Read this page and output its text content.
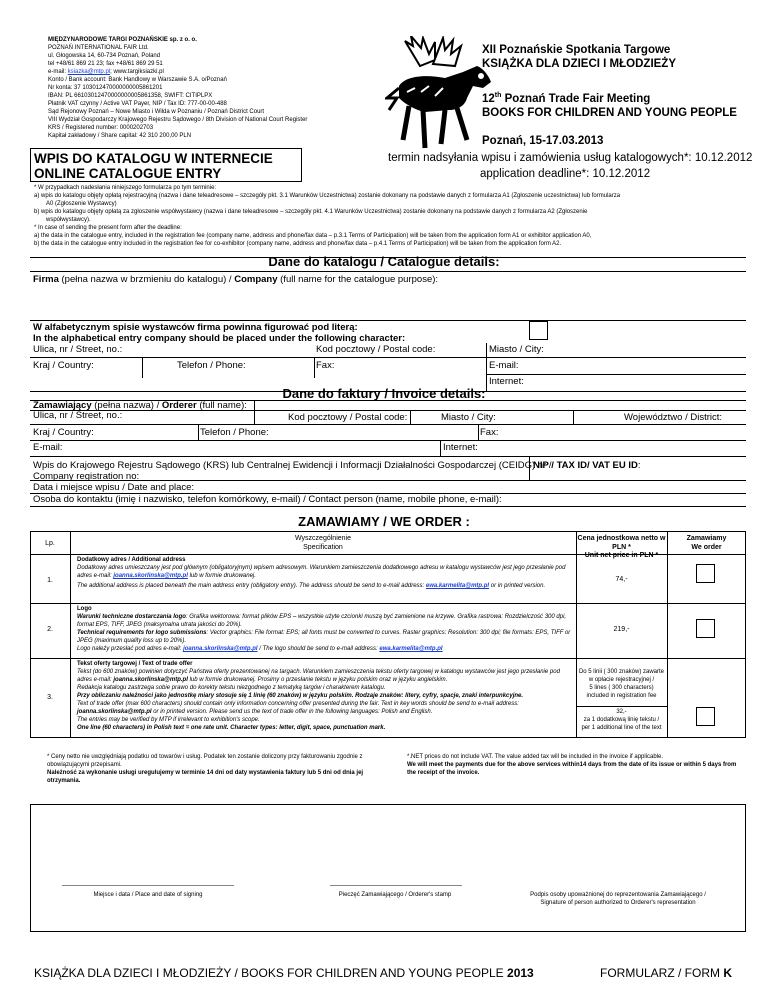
MIĘDZYNARODOWE TARGI POZNAŃSKIE sp. z o. o.
POZNAŃ INTERNATIONAL FAIR Ltd.
ul. Głogowska 14, 60-734 Poznań, Poland
tel +48/61 869 21 23; fax +48/61 869 29 51
e-mail: ksiazka@mtp.pl; www.targiksiazki.pl
Konto / Bank account: Bank Handlowy w Warszawie S.A. o/Poznań
Nr konta: 37 103012470000000005861201
IBAN: PL 66103012470000000005861358, SWIFT: CITIPLPX
Płatnik VAT czynny / Active VAT Payer, NIP / Tax ID: 777-00-00-488
Sąd Rejonowy Poznań – Nowe Miasto i Wilda w Poznaniu / Poznań District Court
VIII Wydział Gospodarczy Krajowego Rejestru Sądowego / 8th Division of National Court Register
KRS / Registered number: 0000202703
Kapitał zakładowy / Share capital: 42 310 200,00 PLN
XII Poznańskie Spotkania Targowe
KSIĄŻKA DLA DZIECI I MŁODZIEŻY
12th Poznań Trade Fair Meeting
BOOKS FOR CHILDREN AND YOUNG PEOPLE
Poznań, 15-17.03.2013
WPIS DO KATALOGU W INTERNECIE
ONLINE CATALOGUE ENTRY
termin nadsyłania wpisu i zamówienia usług katalogowych*: 10.12.2012
application deadline*: 10.12.2012
* W przypadkach nadesłania niniejszego formularza po tym terminie:
a) wpis do katalogu objęty opłatą rejestracyjną (nazwa i dane teleadresowe – szczegóły pkt. 3.1 Warunków Uczestnictwa) zostanie dokonany na podstawie danych z formularza A1 (Zgłoszenie uczestnictwa) lub formularza
A0 (Zgłoszenie Wystawcy)
b) wpis do katalogu objęty opłatą za zgłoszenie współwystawcy (nazwa i dane teleadresowe – szczegóły pkt. 4.1 Warunków Uczestnictwa) zostanie dokonany na podstawie danych z formularza A2 (Zgłoszenie
współwystawcy).
* In case of sending the present form after the deadline:
a) the data in the catalogue entry, included in the registration fee (company name, address and phone/fax data – p.3.1 Terms of Participation) will be taken from the application form A1 or exhibitor application A0,
b) the data in the catalogue entry included in the registration fee for co-exhibitor (company name, address and phone/fax data – p.4.1 Terms of Participation) will be taken from the application form A2.
Dane do katalogu / Catalogue details:
Firma (pełna nazwa w brzmieniu do katalogu) / Company (full name for the catalogue purpose):
W alfabetycznym spisie wystawców firma powinna figurować pod literą:
In the alphabetical entry company should be placed under the following character:
Ulica, nr / Street, no.:	Kod pocztowy / Postal code:	Miasto / City:
Kraj / Country:	Telefon / Phone:	Fax:	E-mail:
Internet:
Dane do faktury / Invoice details:
Zamawiający (pełna nazwa) / Orderer (full name):
Ulica, nr / Street, no.:	Kod pocztowy / Postal code:	Miasto / City:	Województwo / District:
Kraj / Country:	Telefon / Phone:	Fax:
E-mail:	Internet:
Wpis do Krajowego Rejestru Sądowego (KRS) lub Centralnej Ewidencji i Informacji Działalności Gospodarczej (CEIDG) nr /
Company registration no:
NIP / TAX ID/ VAT EU ID:
Data i miejsce wpisu / Date and place:
Osoba do kontaktu (imię i nazwisko, telefon komórkowy, e-mail) / Contact person (name, mobile phone, e-mail):
ZAMAWIAMY / WE ORDER :
Lp.
Wyszczególnienie
Specification
Cena jednostkowa netto w PLN *
Unit net price in PLN *
Zamawiamy
We order
1.
Dodatkowy adres / Additional address
Dodatkowy adres umieszczany jest pod głównym (obligatoryjnym) wpisem adresowym. Warunkiem zamieszczenia dodatkowego adresu w katalogu wystawców jest jego przesłanie pod adres e-mail: joanna.skorlinska@mtp.pl lub w formie drukowanej.
The additional address is placed beneath the main address entry (obligatory entry). The address should be send to e-mail address: ewa.karmelita@mtp.pl or in printed version.
74,-
2.
Logo
Warunki techniczne dostarczania logo: Grafika wektorowa: format plików EPS – wszystkie użyte czcionki muszą być zamienione na krzywe. Grafika rastrowa: Rozdzielczość 300 dpi, format EPS, TIFF, JPEG (maksymalna utrata jakości do 20%).
Technical requirements for logo submissions: Vector graphics: File format: EPS; all fonts must be converted to curves. Raster graphics: Resolution: 300 dpi; file formats: EPS, TIFF or JPEG (maximum quality loss up to 20%).
Logo należy przesłać pod adres e-mail: joanna.skorlinska@mtp.pl / The logo should be send to e-mail address: ewa.karmelita@mtp.pl
219,-
3.
Tekst oferty targowej / Text of trade offer
Tekst (do 600 znaków) powinien dotyczyć Państwa oferty prezentowanej na targach. Warunkiem zamieszczenia tekstu oferty targowej w katalogu wystawców jest jego przesłanie pod adres e-mail: joanna.skorlinska@mtp.pl lub w formie drukowanej. Prosimy o przesłanie tekstu w języku polskim oraz w języku angielskim.
Redakcja katalogu zastrzega sobie prawo do korekty tekstu niezgodnego z tematyką targów i charakterem katalogu.
Przy obliczaniu należności jako jednostkę miary stosuje się 1 linię (60 znaków) w języku polskim. Rodzaje znaków: litery, cyfry, spacje, znaki interpunkcyjne.
Text of trade offer (max 600 characters) should contain only information concerning offer presented during the fair. Text in key words should be send to e-mail address: joanna.skorlinska@mtp.pl or in printed version. Please send us the text of trade offer in the following languages: Polish and English.
The entries may be verified by MTP if irrelevant to exhibition's scope.
One line (60 characters) in Polish text = one rate unit. Character types: letter, digit, space, punctuation mark.
Do 5 linii ( 300 znaków) zawarte w opłacie rejestracyjnej /
5 lines ( 300 characters) included in registration fee
32,-
za 1 dodatkową linię tekstu /
per 1 additional line of the text
* Ceny netto nie uwzględniają podatku od towarów i usług. Podatek ten zostanie doliczony przy fakturowaniu zgodnie z obowiązującymi przepisami.
Należność za wykonanie usługi uregulujemy w terminie 14 dni od daty wystawienia faktury lub 5 dni od dnia jej otrzymania.
*.NET prices do not include VAT. The value added tax will be included in the invoice if applicable.
We will meet the payments due for the above services within14 days from the date of its issue or within 5 days from the receipt of the invoice.
Miejsce i data / Place and date of signing	Pieczęć Zamawiającego / Orderer's stamp	Podpis osoby upoważnionej do reprezentowania Zamawiającego /
Signature of person authorized to Orderer's representation
KSIĄŻKA DLA DZIECI I MŁODZIEŻY / BOOKS FOR CHILDREN AND YOUNG PEOPLE 2013	FORMULARZ / FORM K
